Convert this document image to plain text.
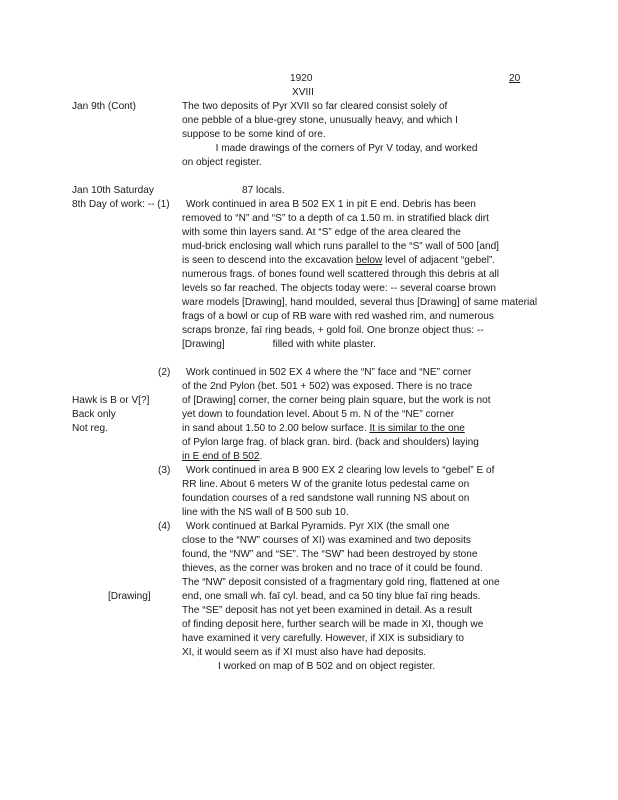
1920	20
XVIII
Jan 9th (Cont)	The two deposits of Pyr XVII so far cleared consist solely of
one pebble of a blue-grey stone, unusually heavy, and which I
suppose to be some kind of ore.
I made drawings of the corners of Pyr V today, and worked
on object register.
Jan 10th Saturday	87 locals.
8th Day of work: -- (1) Work continued in area B 502 EX 1 in pit E end. Debris has been
removed to “N” and “S” to a depth of ca 1.50 m. in stratified black dirt
with some thin layers sand. At “S” edge of the area cleared the
mud-brick enclosing wall which runs parallel to the “S” wall of 500 [and]
is seen to descend into the excavation below level of adjacent “gebel”.
numerous frags. of bones found well scattered through this debris at all
levels so far reached. The objects today were: -- several coarse brown
ware models [Drawing], hand moulded, several thus [Drawing] of same material
frags of a bowl or cup of RB ware with red washed rim, and numerous
scraps bronze, faī ring beads, + gold foil. One bronze object thus: --
[Drawing]	filled with white plaster.
(2) Work continued in 502 EX 4 where the “N” face and “NE” corner
of the 2nd Pylon (bet. 501 + 502) was exposed. There is no trace
Hawk is B or V[?]	of [Drawing] corner, the corner being plain square, but the work is not
Back only	yet down to foundation level. About 5 m. N of the “NE” corner
Not reg.	in sand about 1.50 to 2.00 below surface. It is similar to the one
of Pylon large frag. of black gran. bird. (back and shoulders) laying
in E end of B 502.
(3) Work continued in area B 900 EX 2 clearing low levels to “gebel” E of
RR line. About 6 meters W of the granite lotus pedestal came on
foundation courses of a red sandstone wall running NS about on
line with the NS wall of B 500 sub 10.
(4) Work continued at Barkal Pyramids. Pyr XIX (the small one
close to the “NW” courses of XI) was examined and two deposits
found, the “NW” and “SE”. The “SW” had been destroyed by stone
thieves, as the corner was broken and no trace of it could be found.
The “NW” deposit consisted of a fragmentary gold ring, flattened at one
[Drawing]	end, one small wh. faī cyl. bead, and ca 50 tiny blue faī ring beads.
The “SE” deposit has not yet been examined in detail. As a result
of finding deposit here, further search will be made in XI, though we
have examined it very carefully. However, if XIX is subsidiary to
XI, it would seem as if XI must also have had deposits.
I worked on map of B 502 and on object register.
